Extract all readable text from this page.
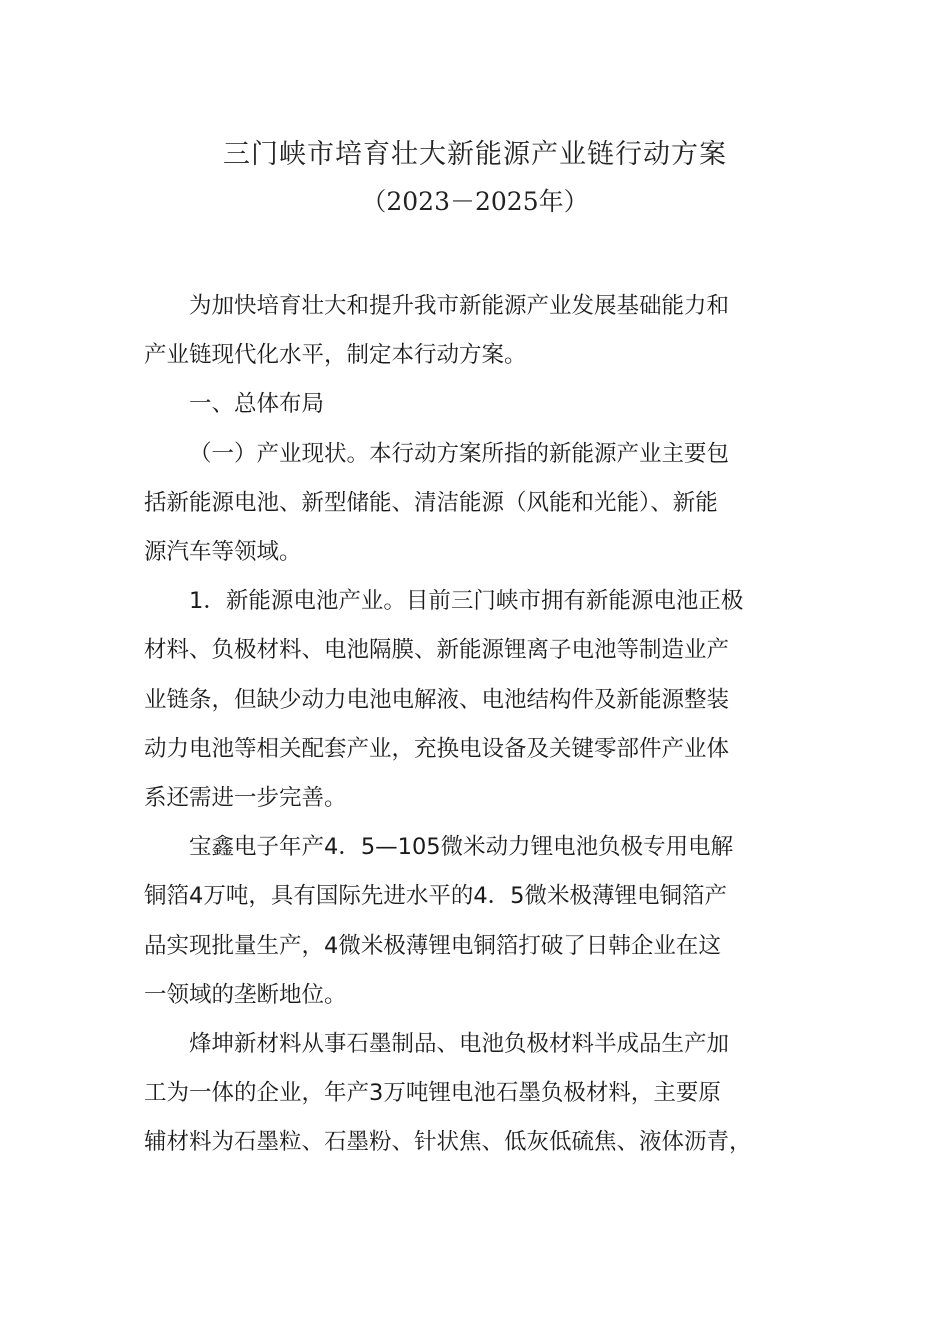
三门峡市培育壮大新能源产业链行动方案
（2023－2025年）

为加快培育壮大和提升我市新能源产业发展基础能力和
产业链现代化水平，制定本行动方案。

一、总体布局

（一）产业现状。本行动方案所指的新能源产业主要包
括新能源电池、新型储能、清洁能源（风能和光能）、新能
源汽车等领域。

1．新能源电池产业。目前三门峡市拥有新能源电池正极
材料、负极材料、电池隔膜、新能源锂离子电池等制造业产
业链条，但缺少动力电池电解液、电池结构件及新能源整装
动力电池等相关配套产业，充换电设备及关键零部件产业体
系还需进一步完善。

宝鑫电子年产4．5—105微米动力锂电池负极专用电解
铜箔4万吨，具有国际先进水平的4．5微米极薄锂电铜箔产
品实现批量生产，4微米极薄锂电铜箔打破了日韩企业在这
一领域的垄断地位。

烽坤新材料从事石墨制品、电池负极材料半成品生产加
工为一体的企业，年产3万吨锂电池石墨负极材料，主要原
辅材料为石墨粒、石墨粉、针状焦、低灰低硫焦、液体沥青，
